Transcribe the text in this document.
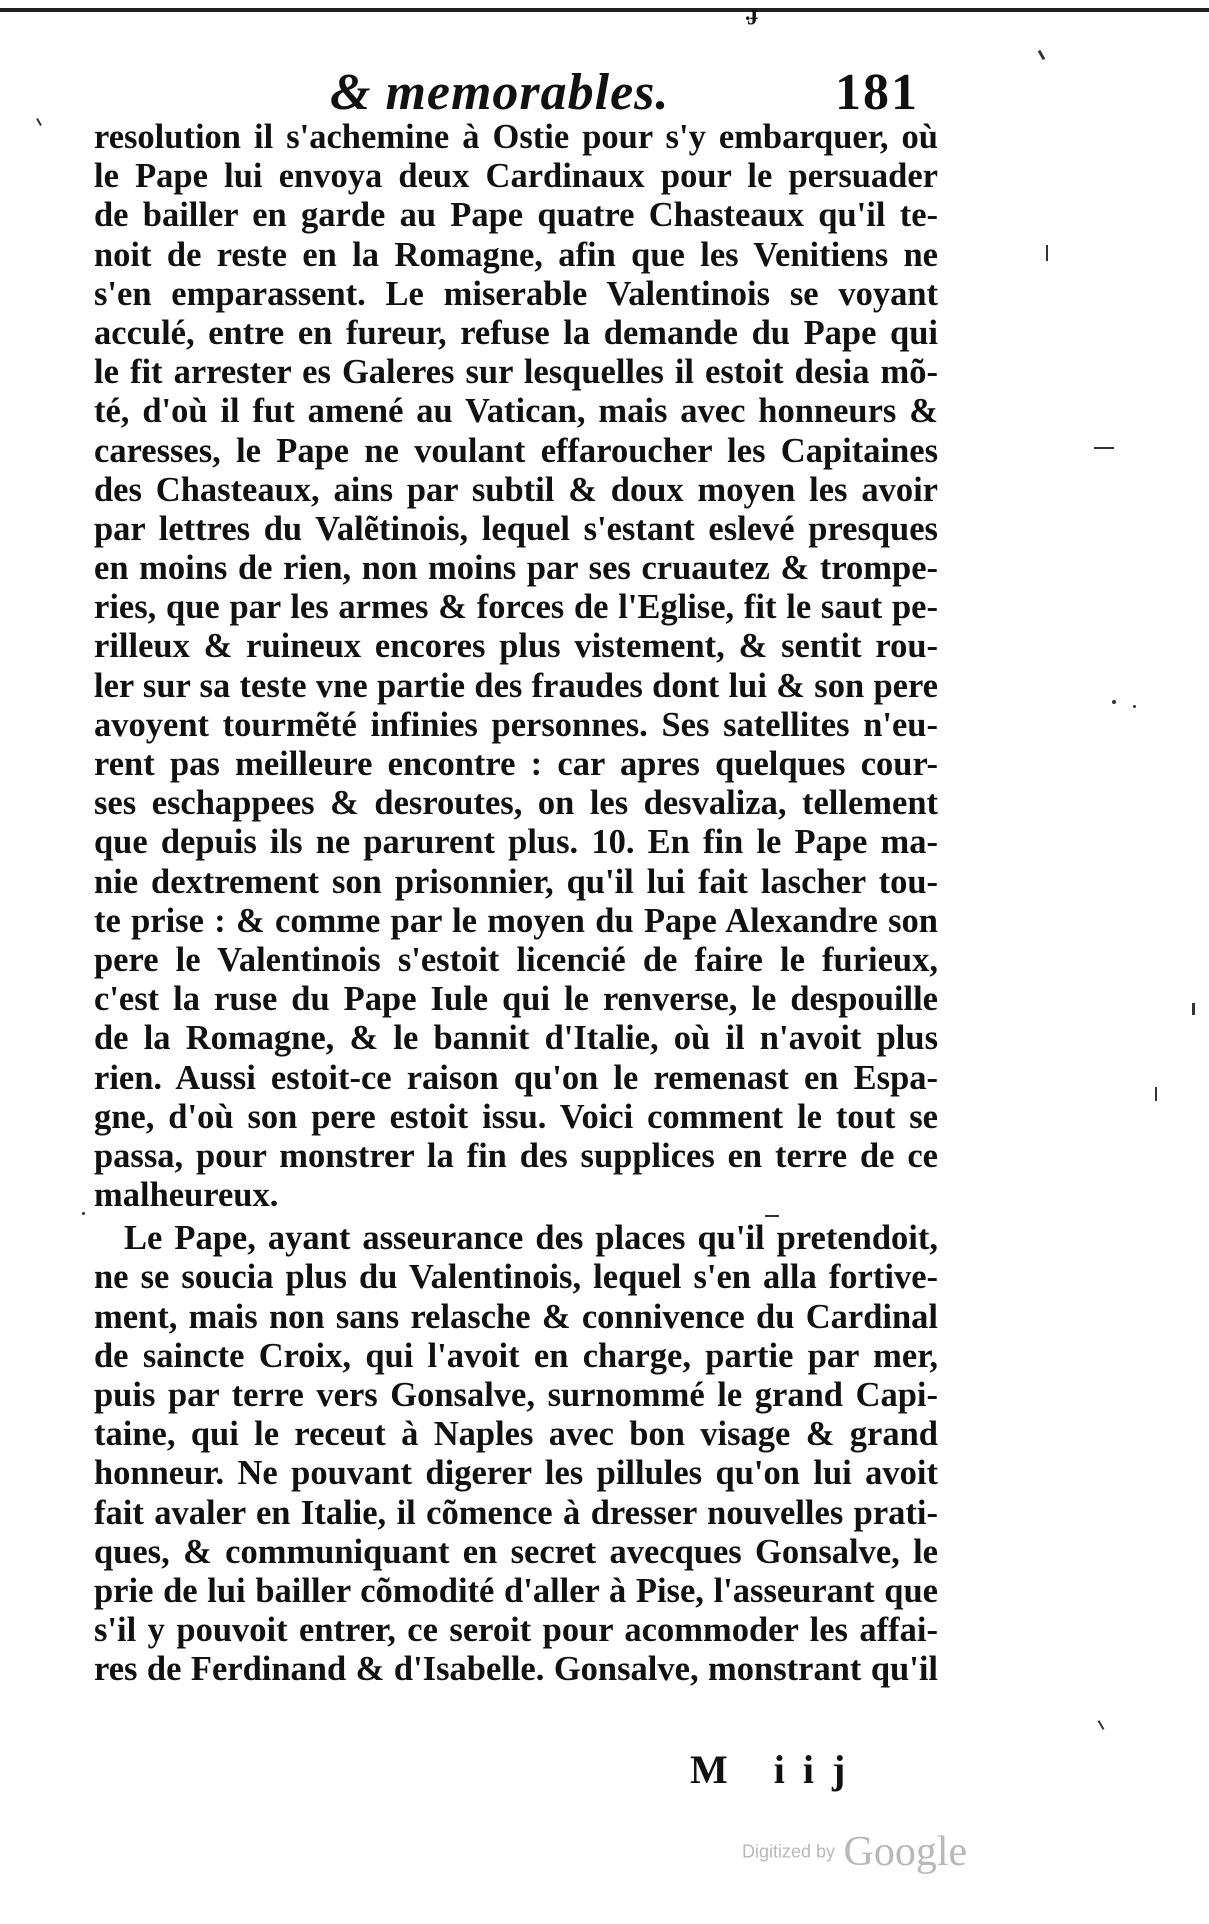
.ɟ
& memorables.	181
resolution il s'achemine à Ostie pour s'y embarquer, où
le Pape lui envoya deux Cardinaux pour le persuader
de bailler en garde au Pape quatre Chasteaux qu'il te-
noit de reste en la Romagne, afin que les Venitiens ne
s'en emparassent. Le miserable Valentinois se voyant
acculé, entre en fureur, refuse la demande du Pape qui
le fit arrester es Galeres sur lesquelles il estoit desia mõ-
té, d'où il fut amené au Vatican, mais avec honneurs &
caresses, le Pape ne voulant effaroucher les Capitaines
des Chasteaux, ains par subtil & doux moyen les avoir
par lettres du Valẽtinois, lequel s'estant eslevé presques
en moins de rien, non moins par ses cruautez & trompe-
ries, que par les armes & forces de l'Eglise, fit le saut pe-
rilleux & ruineux encores plus vistement, & sentit rou-
ler sur sa teste vne partie des fraudes dont lui & son pere
avoyent tourmẽté infinies personnes. Ses satellites n'eu-
rent pas meilleure encontre : car apres quelques cour-
ses eschappees & desroutes, on les desvaliza, tellement
que depuis ils ne parurent plus. 10. En fin le Pape ma-
nie dextrement son prisonnier, qu'il lui fait lascher tou-
te prise : & comme par le moyen du Pape Alexandre son
pere le Valentinois s'estoit licencié de faire le furieux,
c'est la ruse du Pape Iule qui le renverse, le despouille
de la Romagne, & le bannit d'Italie, où il n'avoit plus
rien. Aussi estoit-ce raison qu'on le remenast en Espa-
gne, d'où son pere estoit issu. Voici comment le tout se
passa, pour monstrer la fin des supplices en terre de ce
malheureux.
Le Pape, ayant asseurance des places qu'il pretendoit,
ne se soucia plus du Valentinois, lequel s'en alla fortive-
ment, mais non sans relasche & connivence du Cardinal
de saincte Croix, qui l'avoit en charge, partie par mer,
puis par terre vers Gonsalve, surnommé le grand Capi-
taine, qui le receut à Naples avec bon visage & grand
honneur. Ne pouvant digerer les pillules qu'on lui avoit
fait avaler en Italie, il cõmence à dresser nouvelles prati-
ques, & communiquant en secret avecques Gonsalve, le
prie de lui bailler cõmodité d'aller à Pise, l'asseurant que
s'il y pouvoit entrer, ce seroit pour acommoder les affai-
res de Ferdinand & d'Isabelle. Gonsalve, monstrant qu'il
M iij
Digitized by Google
